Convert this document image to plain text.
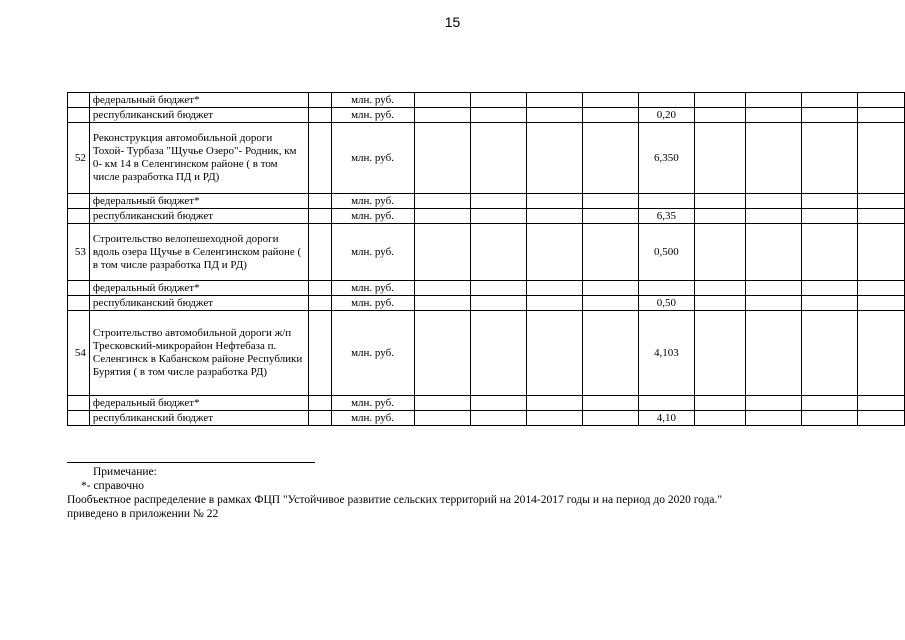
15
	федеральный бюджет*		млн. руб.									
	республиканский бюджет		млн. руб.					0,20				
52	Реконструкция автомобильной дороги Тохой- Турбаза "Щучье Озеро"- Родник, км 0- км 14 в Селенгинском районе ( в том числе разработка ПД и РД)		млн. руб.					6,350				
	федеральный бюджет*		млн. руб.									
	республиканский бюджет		млн. руб.					6,35				
53	Строительство велопешеходной дороги вдоль озера Щучье в Селенгинском районе ( в том числе разработка ПД и РД)		млн. руб.					0,500				
	федеральный бюджет*		млн. руб.									
	республиканский бюджет		млн. руб.					0,50				
54	Строительство автомобильной дороги ж/п Тресковский-микрорайон Нефтебаза п. Селенгинск в Кабанском районе Республики Бурятия ( в том числе разработка РД)		млн. руб.					4,103				
	федеральный бюджет*		млн. руб.									
	республиканский бюджет		млн. руб.					4,10				
Примечание:
*- справочно
Пообъектное распределение в рамках ФЦП "Устойчивое развитие сельских территорий на 2014-2017 годы и на период до 2020 года."
приведено в приложении № 22
